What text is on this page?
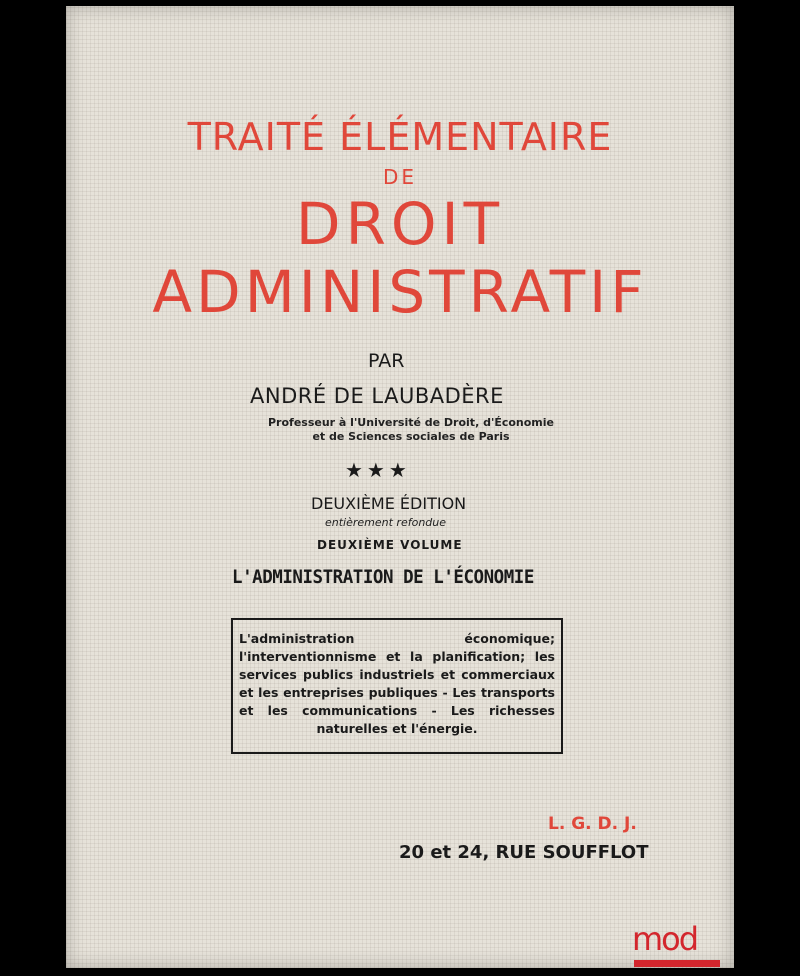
TRAITÉ ÉLÉMENTAIRE
DE
DROIT
ADMINISTRATIF
PAR
ANDRÉ DE LAUBADÈRE
Professeur à l'Université de Droit, d'Économie et de Sciences sociales de Paris
★★★
DEUXIÈME ÉDITION
entièrement refondue
DEUXIÈME VOLUME
L'ADMINISTRATION DE L'ÉCONOMIE
L'administration économique; l'interventionnisme et la planification; les services publics industriels et commerciaux et les entreprises publiques - Les transports et les communications - Les richesses naturelles et l'énergie.
L. G. D. J.
20 et 24, RUE SOUFFLOT
mod
